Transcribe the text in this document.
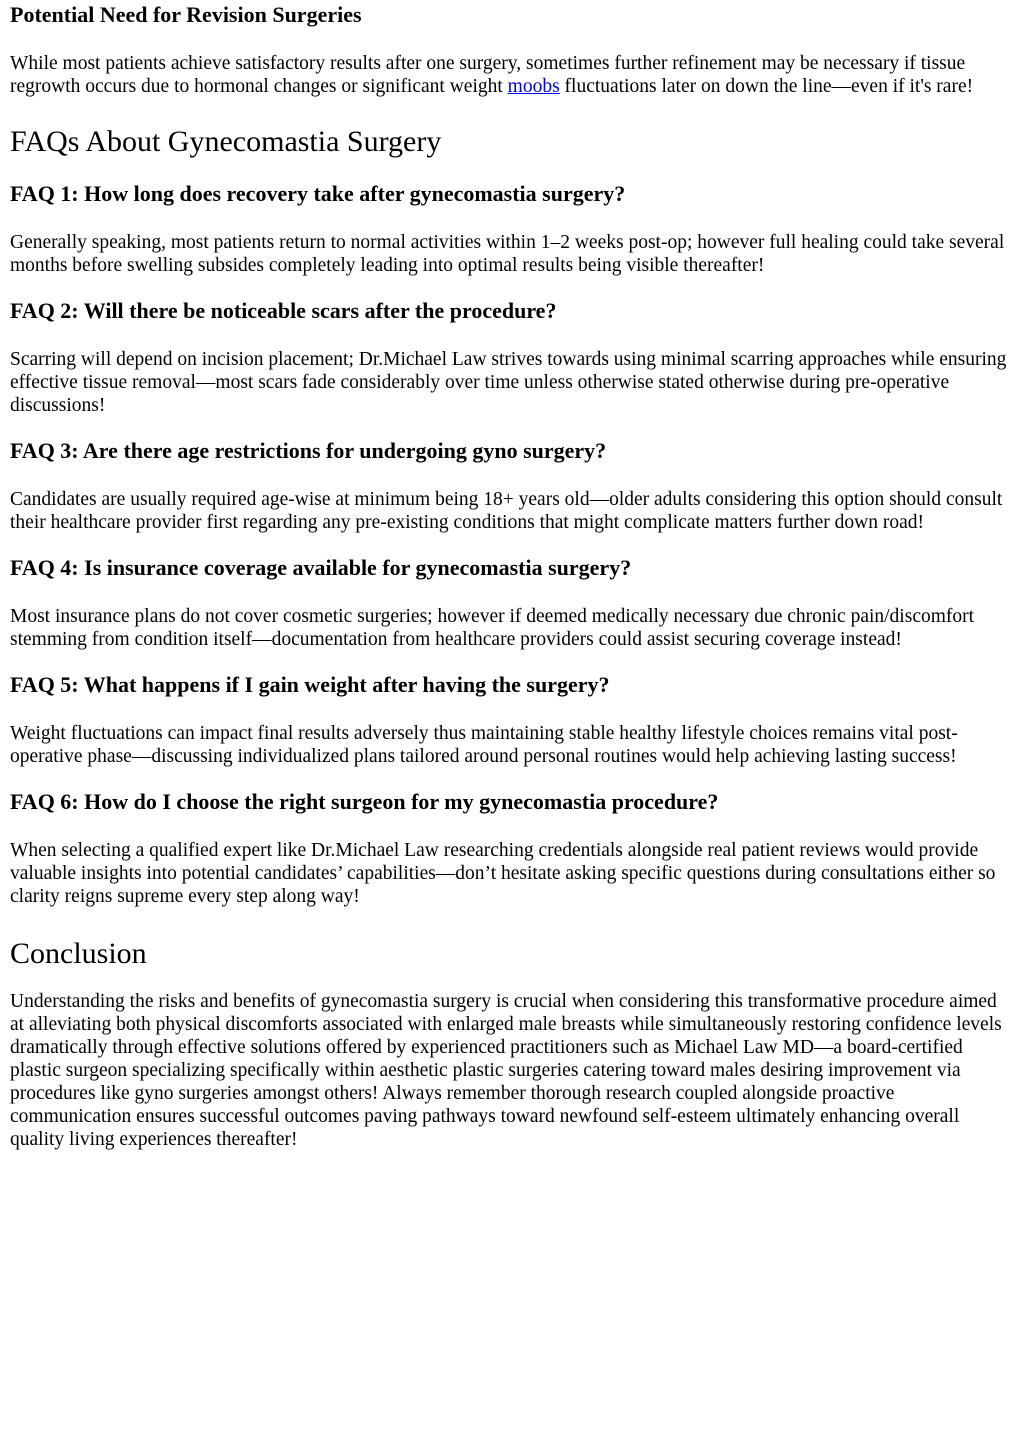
Potential Need for Revision Surgeries

While most patients achieve satisfactory results after one surgery, sometimes further refinement may be necessary if tissue regrowth occurs due to hormonal changes or significant weight moobs fluctuations later on down the line—even if it's rare!

FAQs About Gynecomastia Surgery
FAQ 1: How long does recovery take after gynecomastia surgery?

Generally speaking, most patients return to normal activities within 1–2 weeks post-op; however full healing could take several months before swelling subsides completely leading into optimal results being visible thereafter!

FAQ 2: Will there be noticeable scars after the procedure?

Scarring will depend on incision placement; Dr.Michael Law strives towards using minimal scarring approaches while ensuring effective tissue removal—most scars fade considerably over time unless otherwise stated otherwise during pre-operative discussions!

FAQ 3: Are there age restrictions for undergoing gyno surgery?

Candidates are usually required age-wise at minimum being 18+ years old—older adults considering this option should consult their healthcare provider first regarding any pre-existing conditions that might complicate matters further down road!

FAQ 4: Is insurance coverage available for gynecomastia surgery?

Most insurance plans do not cover cosmetic surgeries; however if deemed medically necessary due chronic pain/discomfort stemming from condition itself—documentation from healthcare providers could assist securing coverage instead!

FAQ 5: What happens if I gain weight after having the surgery?

Weight fluctuations can impact final results adversely thus maintaining stable healthy lifestyle choices remains vital post-operative phase—discussing individualized plans tailored around personal routines would help achieving lasting success!

FAQ 6: How do I choose the right surgeon for my gynecomastia procedure?

When selecting a qualified expert like Dr.Michael Law researching credentials alongside real patient reviews would provide valuable insights into potential candidates’ capabilities—don’t hesitate asking specific questions during consultations either so clarity reigns supreme every step along way!

Conclusion

Understanding the risks and benefits of gynecomastia surgery is crucial when considering this transformative procedure aimed at alleviating both physical discomforts associated with enlarged male breasts while simultaneously restoring confidence levels dramatically through effective solutions offered by experienced practitioners such as Michael Law MD—a board-certified plastic surgeon specializing specifically within aesthetic plastic surgeries catering toward males desiring improvement via procedures like gyno surgeries amongst others! Always remember thorough research coupled alongside proactive communication ensures successful outcomes paving pathways toward newfound self-esteem ultimately enhancing overall quality living experiences thereafter!
